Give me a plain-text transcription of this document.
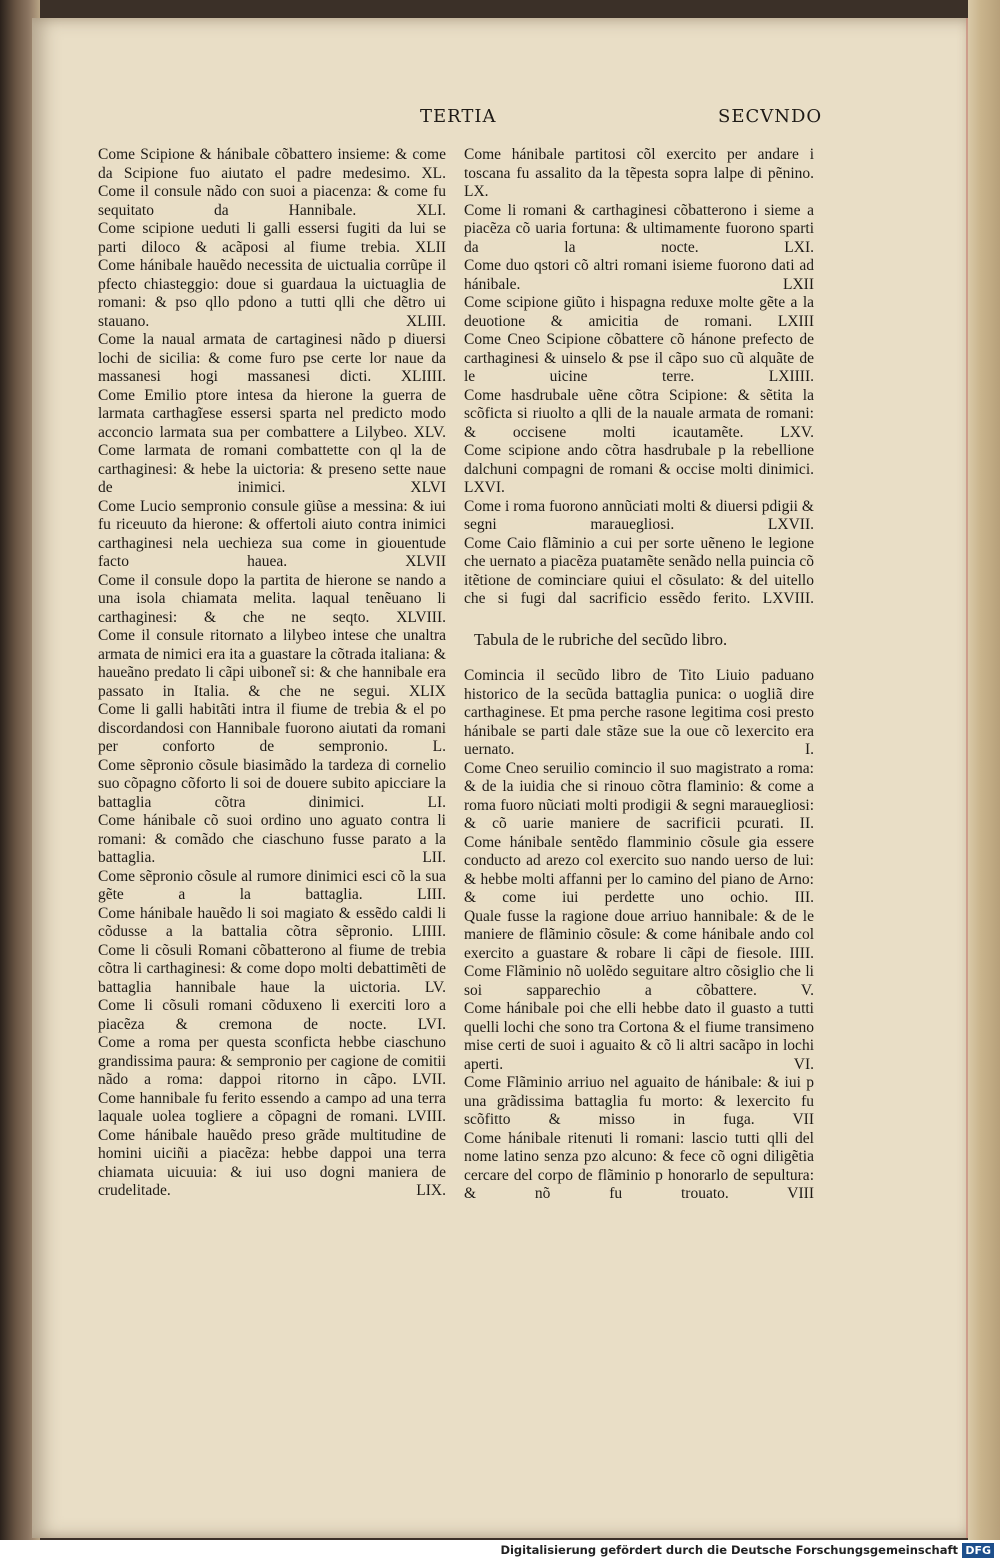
TERTIA	SECVNDO

Come Scipione & hánibale cõbattero insieme: & come da Scipione fuo aiutato el padre medesimo. XL.

Come il consule nãdo con suoi a piacenza: & come fu sequitato da Hannibale. XLI.

Come scipione ueduti li galli essersi fugiti da lui se parti diloco & acãposi al fiume trebia. XLII

Come hánibale hauẽdo necessita de uictualia corrũpe il pfecto chiastеggio: doue si guardaua la uictuaglia de romani: & pso qllo pdono a tutti qlli che dẽtro ui stauano. XLIII.

Come la naual armata de cartaginesi nãdo p diuersi lochi de sicilia: & come furo pse certe lor naue da massanesi hogi massanesi dicti. XLIIII.

Come Emilio ptore intesa da hierone la guerra de larmata carthagĩese essersi sparta nel predicto modo acconcio larmata sua per combattere a Lilybeo. XLV.

Come larmata de romani combattette con ql la de carthaginesi: & hebe la uictoria: & preseno sette naue de inimici. XLVI

Come Lucio sempronio consule giũse a messina: & iui fu riceuuto da hierone: & offertoli aiuto contra inimici carthaginesi nela uechieza sua come in giouentude facto hauea. XLVII

Come il consule dopo la partita de hierone se nando a una isola chiamata melita. laqual tenẽuano li carthaginesi: & che ne seqto. XLVIII.

Come il consule ritornato a lilybeo intese che unaltra armata de nimici era ita a guastare la cõtrada italiana: & haueãno predato li cãpi uiboneĩ si: & che hannibale era passato in Italia. & che ne segui. XLIX

Come li galli habitãti intra il fiume de trebia & el po discordandosi con Hannibale fuorono aiutati da romani per conforto de sempronio. L.

Come sẽpronio cõsule biasimãdo la tardeza di cornelio suo cõpagno cõforto li soi de douere subito apiccіare la battaglia cõtra dinimici. LI.

Come hánibale cõ suoi ordino uno aguato contra li romani: & comãdo che ciaschuno fusse parato a la battaglia. LII.

Come sẽpronio cõsule al rumore dinimici esci cõ la sua gẽte a la battaglia. LIII.

Come hánibale hauẽdo li soi magiato & essẽdo caldi li cõdusse a la battalia cõtra sẽpronio. LIIII.

Come li cõsuli Romani cõbatterono al fiume de trebia cõtra li carthaginesi: & come dopo molti debattimẽti de battaglia hannibale haue la uictoria. LV.

Come li cõsuli romani cõduxeno li exerciti loro a piacẽza & cremona de nocte. LVI.

Come a roma per questa sconficta hebbe ciaschuno grandissima paura: & sempronio per cagione de comitii nãdo a roma: dappoi ritorno in cãpo. LVII.

Come hannibale fu ferito essendo a campo ad una terra laquale uolea togliere a cõpagni de romani. LVIII.

Come hánibale hauẽdo preso grãde multitudine de homini uiciñi a piacẽza: hebbe dappoi una terra chiamata uicuuia: & iui uso dogni maniera de crudelitade. LIX.

Come hánibale partitosi cõl exercito per andare i toscana fu assalito da la tẽpesta sopra lalpe di pẽnino. LX.

Come li romani & carthaginesi cõbatterono i sieme a piacẽza cõ uaria fortuna: & ultimamente fuorono sparti da la nocte. LXI.

Come duo qstori cõ altri romani isieme fuorono dati ad hánibale. LXII

Come scipione giũto i hispagna reduxe molte gẽte a la deuotione & amicitia de romani. LXIII

Come Cneo Scipione cõbattere cõ hánone prefecto de carthaginesi & uinselo & pse il cãpo suo cũ alquãte de le uicine terre. LXIIII.

Come hasdrubale uẽne cõtra Scipione: & sẽtita la scõficta si riuolto a qlli de la nauale armata de romani: & occisene molti icautamẽte. LXV.

Come scipione ando cõtra hasdrubale p la rebellione dalchuni compagni de romani & occise molti dinimici. LXVI.

Come i roma fuorono annũciati molti & diuersi pdigii & segni marauegliosi. LXVII.

Come Caio flãminio a cui per sorte uẽneno le legione che uernato a piacẽza puatamẽte senãdo nella puincia cõ itẽtione de cominciare quiui el cõsulato: & del uitello che si fugi dal sacrificio essẽdo ferito. LXVIII.

Tabula de le rubriche del secũdo libro.

Comincia il secũdo libro de Tito Liuio paduano historico de la secũda battaglia punica: o uogliã dire carthaginese. Et pma perche rasone legitima cosi presto hánibale se parti dale stãze sue la oue cõ lexercito era uernato. I.

Come Cneo seruilio comincio il suo magistrato a roma: & de la iuidia che si rinouo cõtra flaminio: & come a roma fuoro nũciati molti prodigii & segni marauegliosi: & cõ uarie maniere de sacrificii pcurati. II.

Come hánibale sentẽdo flamminio cõsule gia essere conducto ad arezo col exercito suo nando uerso de lui: & hebbe molti affanni per lo camino del piano de Arno: & come iui perdette uno ochio. III.

Quale fusse la ragione doue arriuo hannibale: & de le maniere de flãminio cõsule: & come hánibale ando col exercito a guastare & robare li cãpi de fiesole. IIII.

Come Flãminio nõ uolẽdo seguitare altro cõsiglio che li soi sapparechio a cõbattere. V.

Come hánibale poi che elli hebbe dato il guasto a tutti quelli lochi che sono tra Cortona & el fiume transimeno mise certi de suoi i aguaito & cõ li altri sacãpo in lochi aperti. VI.

Come Flãminio arriuo nel aguaito de hánibale: & iui p una grãdissima battaglia fu morto: & lexercito fu scõfitto & misso in fuga. VII

Come hánibale ritenuti li romani: lascio tutti qlli del nome latino senza pzo alcuno: & fece cõ ogni diligẽtia cercare del corpo de flãminio p honorarlo de sepultura: & nõ fu trouato. VIII

Digitalisierung gefördert durch die Deutsche Forschungsgemeinschaft DFG
